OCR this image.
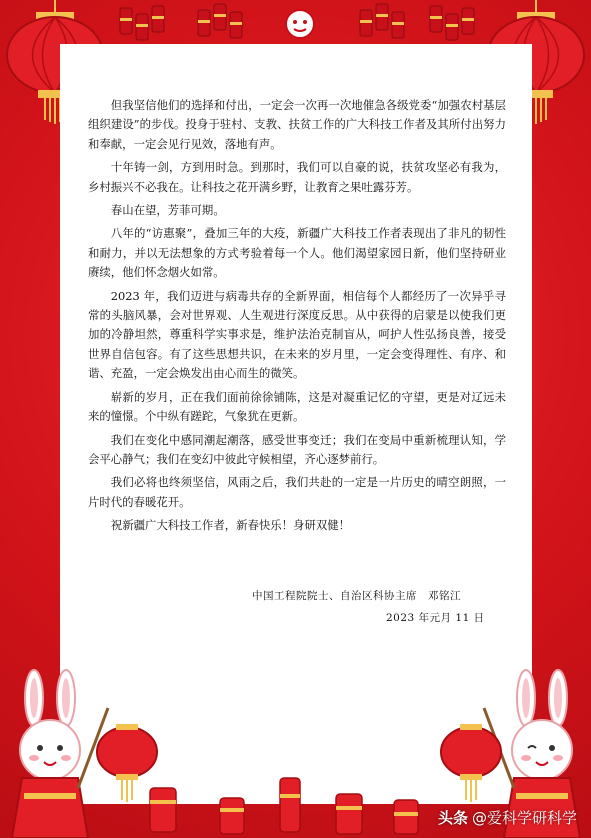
但我坚信他们的选择和付出，一定会一次再一次地催急各级党委“加强农村基层组织建设”的步伐。投身于驻村、支教、扶贫工作的广大科技工作者及其所付出努力和奉献，一定会见行见效，落地有声。

十年铸一剑，方到用时急。到那时，我们可以自豪的说，扶贫攻坚必有我为，乡村振兴不必我在。让科技之花开满乡野，让教育之果吐露芬芳。

春山在望，芳菲可期。

八年的“访惠聚”，叠加三年的大疫，新疆广大科技工作者表现出了非凡的韧性和耐力，并以无法想象的方式考验着每一个人。他们渴望家园日新，他们坚持研业赓续，他们怀念烟火如常。

2023 年，我们迈进与病毒共存的全新界面，相信每个人都经历了一次异乎寻常的头脑风暴，会对世界观、人生观进行深度反思。从中获得的启蒙是以使我们更加的冷静坦然，尊重科学实事求是，维护法治克制盲从，呵护人性弘扬良善，接受世界自信包容。有了这些思想共识，在未来的岁月里，一定会变得理性、有序、和谐、充盈，一定会焕发出由心而生的微笑。

崭新的岁月，正在我们面前徐徐铺陈，这是对凝重记忆的守望，更是对辽远未来的憧憬。个中纵有蹉跎，气象犹在更新。

我们在变化中感同潮起潮落，感受世事变迁；我们在变局中重新梳理认知，学会平心静气；我们在变幻中彼此守候相望，齐心逐梦前行。

我们必将也终须坚信，风雨之后，我们共赴的一定是一片历史的晴空朗照，一片时代的春暖花开。

祝新疆广大科技工作者，新春快乐！身研双健！

中国工程院院士、自治区科协主席　邓铭江
2023 年元月 11 日
头条 @爱科学研科学
